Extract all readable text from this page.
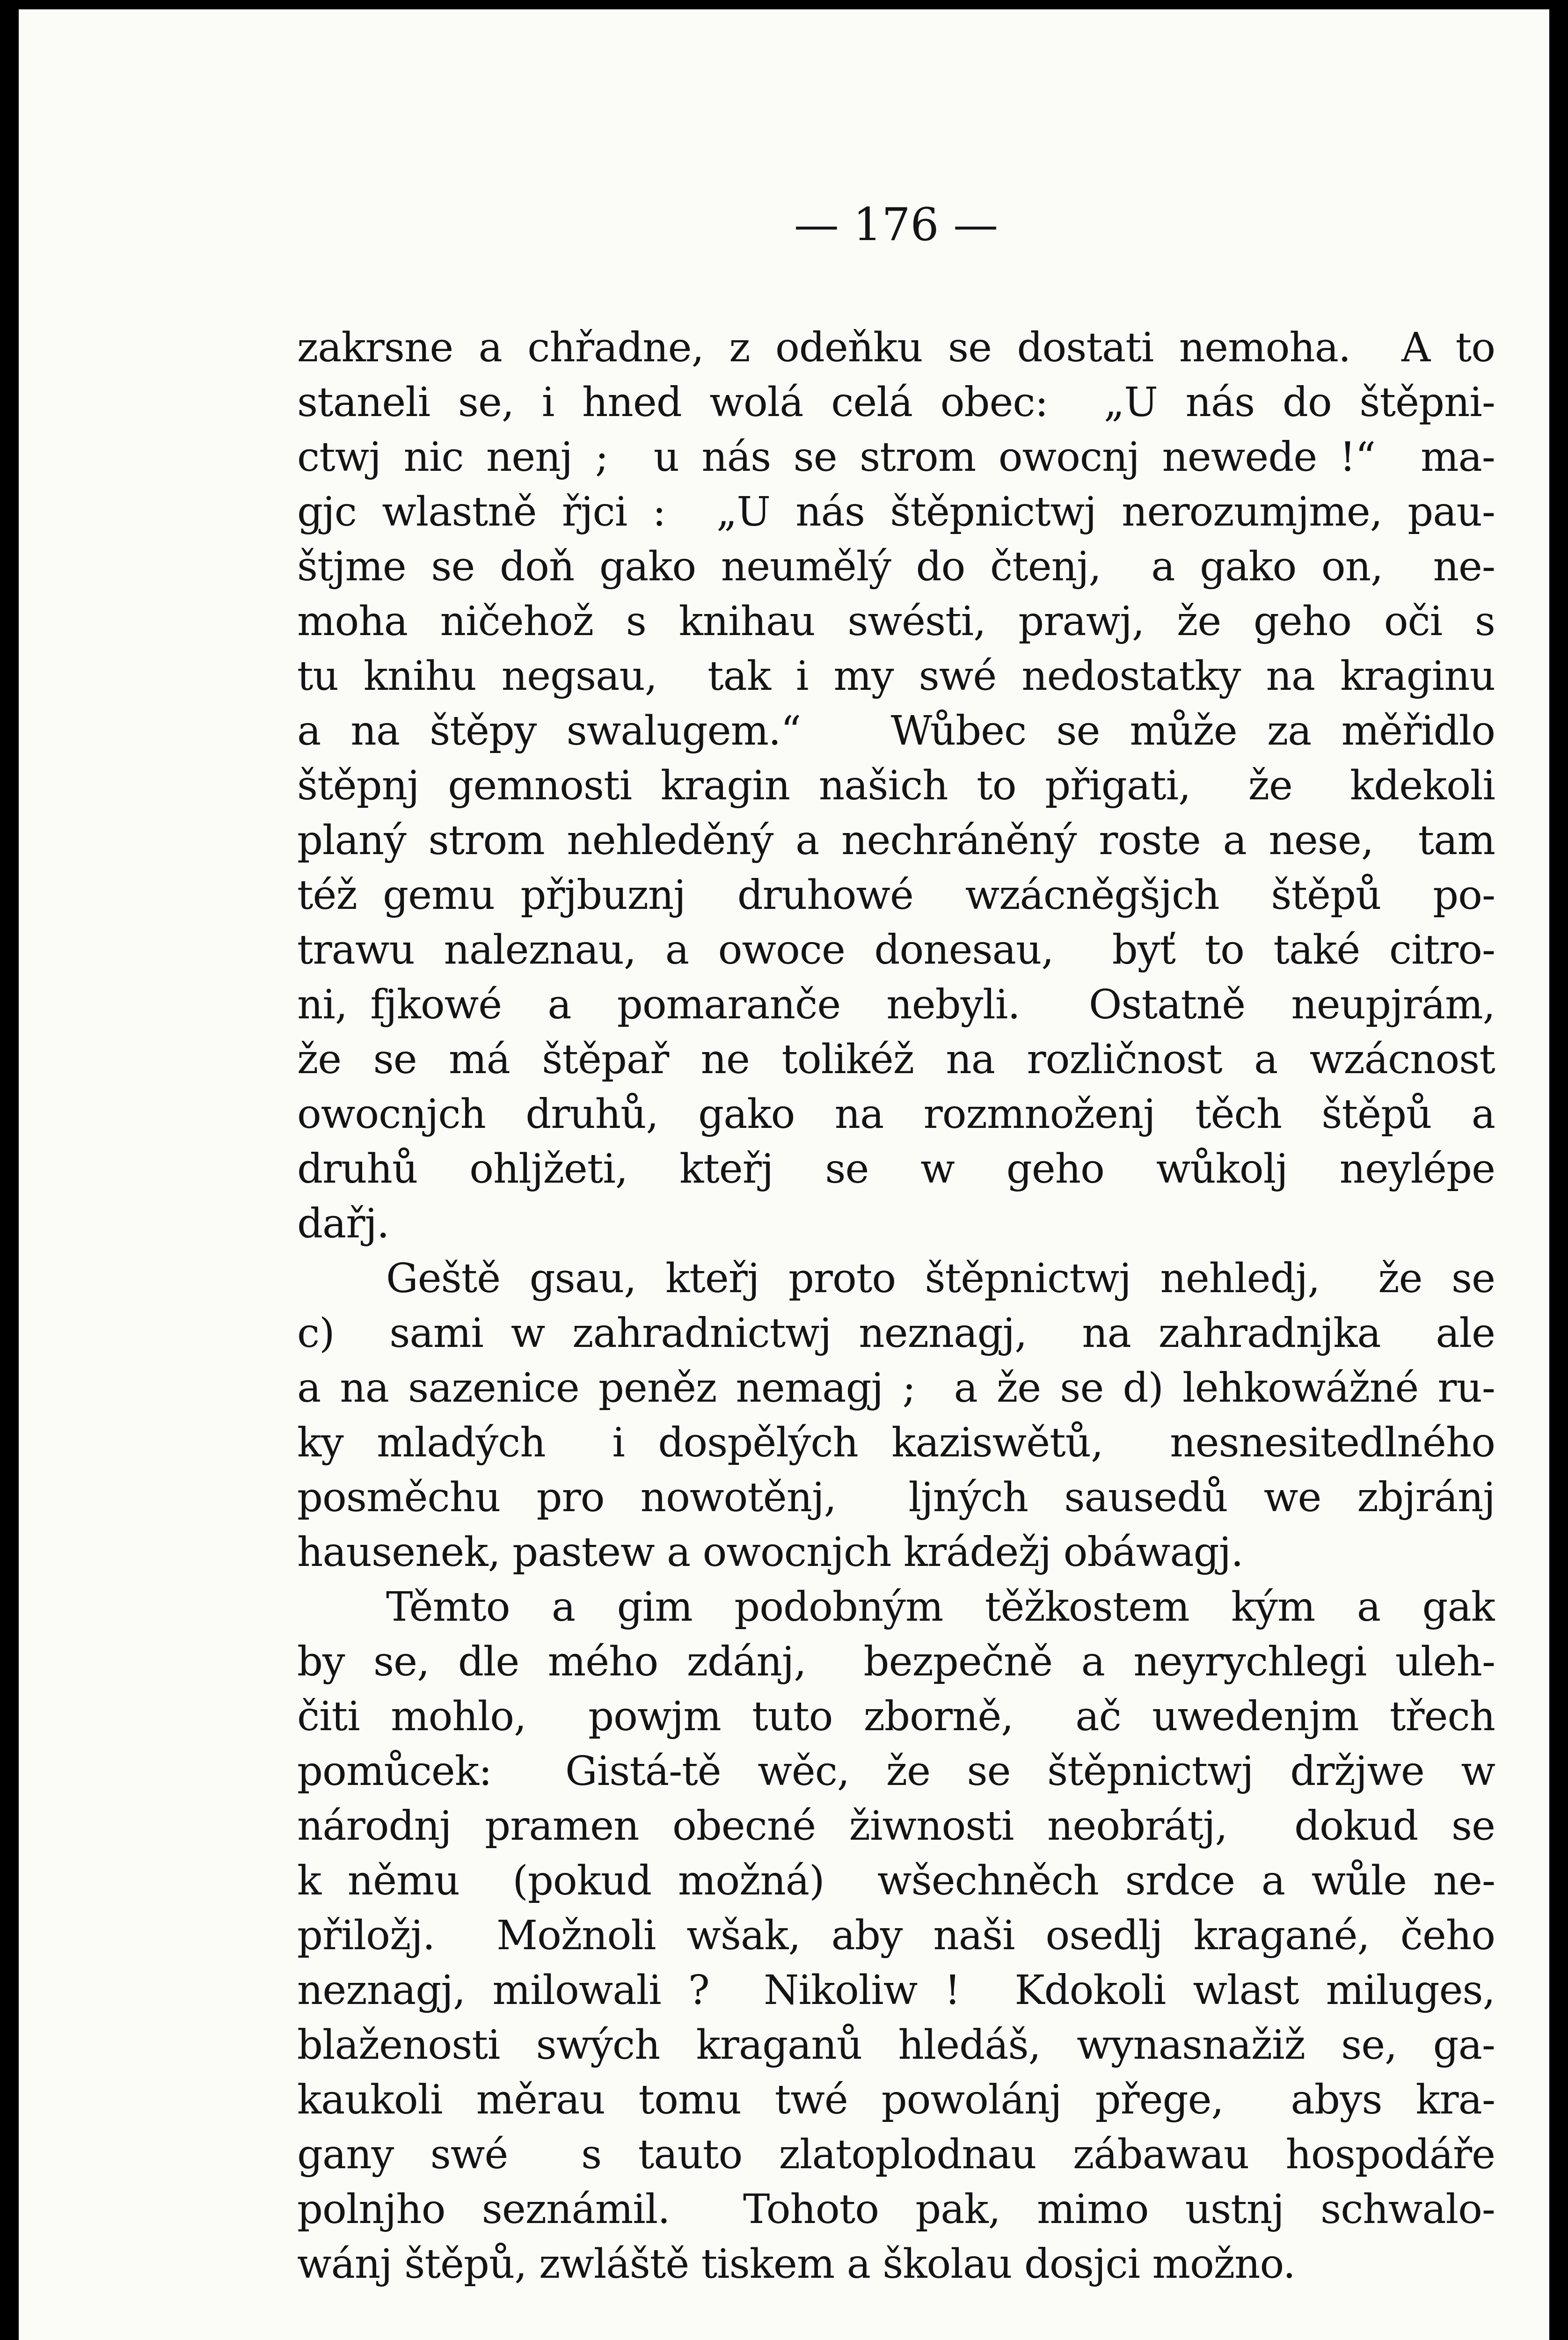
— 176 —
zakrsne a chřadne, z odeňku se dostati nemoha.  A to
staneli se, i hned wolá celá obec:  „U nás do štěpni-
ctwj nic nenj ;  u nás se strom owocnj newede !“  ma-
gjc wlastně řjci :  „U nás štěpnictwj nerozumjme, pau-
štjme se doň gako neumělý do čtenj,  a gako on,  ne-
moha ničehož s knihau swésti, prawj, že geho oči s
tu knihu negsau,  tak i my swé nedostatky na kraginu
a na štěpy swalugem.“   Wůbec se může za měřidlo
štěpnj gemnosti kragin našich to přigati,  že  kdekoli
planý strom nehleděný a nechráněný roste a nese,  tam
též gemu přjbuznj  druhowé  wzácněgšjch  štěpů  po-
trawu naleznau, a owoce donesau,  byť to také citro-
ni, fjkowé  a  pomaranče  nebyli.   Ostatně  neupjrám,
že se má štěpař ne tolikéž na rozličnost a wzácnost
owocnjch druhů, gako na rozmnoženj těch štěpů a
druhů  ohljžeti,  kteřj  se  w  geho  wůkolj  neylépe
dařj.
Geště gsau, kteřj proto štěpnictwj nehledj,  že se
c)  sami w zahradnictwj neznagj,  na zahradnjka  ale
a na sazenice peněz nemagj ;  a že se d) lehkowážné ru-
ky mladých  i dospělých kaziswětů,  nesnesitedlného
posměchu pro nowotěnj,  ljných sausedů we zbjránj
hausenek, pastew a owocnjch krádežj obáwagj.
Těmto a gim podobným těžkostem kým a gak
by se, dle mého zdánj,  bezpečně a neyrychlegi uleh-
čiti mohlo,  powjm tuto zborně,  ač uwedenjm třech
pomůcek:  Gistá-tě wěc, že se štěpnictwj držjwe w
národnj pramen obecné žiwnosti neobrátj,  dokud se
k němu  (pokud možná)  wšechněch srdce a wůle ne-
přiložj.  Možnoli wšak, aby naši osedlj kragané, čeho
neznagj, milowali ?  Nikoliw !  Kdokoli wlast miluges,
blaženosti swých kraganů hledáš, wynasnažiž se, ga-
kaukoli měrau tomu twé powolánj přege,  abys kra-
gany swé  s tauto zlatoplodnau zábawau hospodáře
polnjho seznámil.  Tohoto pak, mimo ustnj schwalo-
wánj štěpů, zwláště tiskem a školau dosjci možno.
